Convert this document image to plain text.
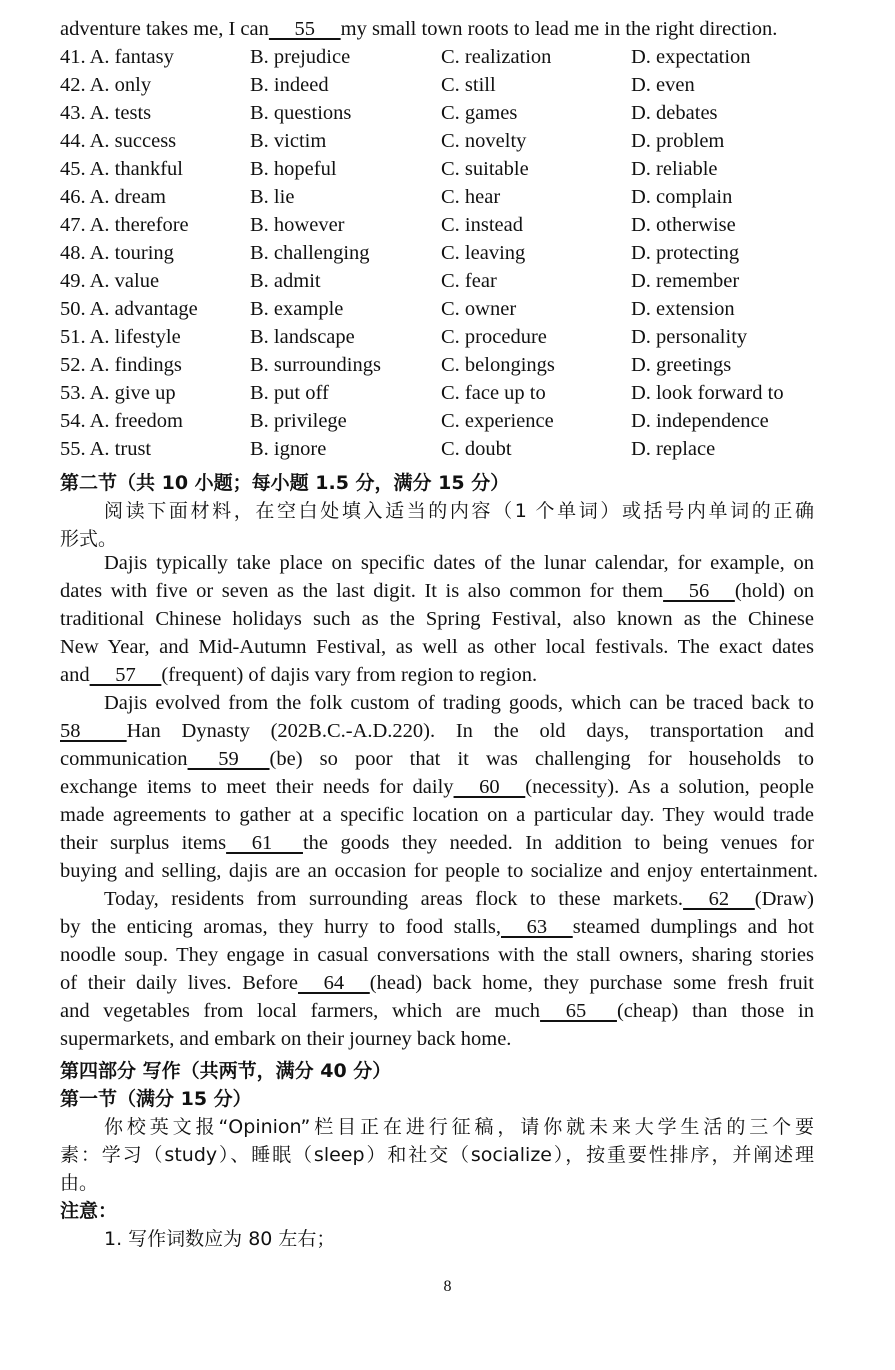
adventure takes me, I can     55     my small town roots to lead me in the right direction.
41. A. fantasy	B. prejudice	C. realization	D. expectation
42. A. only	B. indeed	C. still	D. even
43. A. tests	B. questions	C. games	D. debates
44. A. success	B. victim	C. novelty	D. problem
45. A. thankful	B. hopeful	C. suitable	D. reliable
46. A. dream	B. lie	C. hear	D. complain
47. A. therefore	B. however	C. instead	D. otherwise
48. A. touring	B. challenging	C. leaving	D. protecting
49. A. value	B. admit	C. fear	D. remember
50. A. advantage	B. example	C. owner	D. extension
51. A. lifestyle	B. landscape	C. procedure	D. personality
52. A. findings	B. surroundings	C. belongings	D. greetings
53. A. give up	B. put off	C. face up to	D. look forward to
54. A. freedom	B. privilege	C. experience	D. independence
55. A. trust	B. ignore	C. doubt	D. replace
第二节（共 10 小题；每小题 1.5 分，满分 15 分）
阅读下面材料，在空白处填入适当的内容（1 个单词）或括号内单词的正确
形式。
Dajis typically take place on specific dates of the lunar calendar, for example, on
dates with five or seven as the last digit. It is also common for them     56     (hold) on
traditional Chinese holidays such as the Spring Festival, also known as the Chinese
New Year, and Mid-Autumn Festival, as well as other local festivals. The exact dates
and     57     (frequent) of dajis vary from region to region.
Dajis evolved from the folk custom of trading goods, which can be traced back to
58         Han Dynasty (202B.C.-A.D.220). In the old days, transportation and
communication      59      (be) so poor that it was challenging for households to
exchange items to meet their needs for daily     60     (necessity). As a solution, people
made agreements to gather at a specific location on a particular day. They would trade
their surplus items     61      the goods they needed. In addition to being venues for
buying and selling, dajis are an occasion for people to socialize and enjoy entertainment.
Today, residents from surrounding areas flock to these markets.     62     (Draw)
by the enticing aromas, they hurry to food stalls,     63     steamed dumplings and hot
noodle soup. They engage in casual conversations with the stall owners, sharing stories
of their daily lives. Before     64     (head) back home, they purchase some fresh fruit
and vegetables from local farmers, which are much     65      (cheap) than those in
supermarkets, and embark on their journey back home.
第四部分 写作（共两节，满分 40 分）
第一节（满分 15 分）
你校英文报“Opinion”栏目正在进行征稿，请你就未来大学生活的三个要
素：学习（study）、睡眠（sleep）和社交（socialize），按重要性排序，并阐述理
由。
注意：
1. 写作词数应为 80 左右；
8
